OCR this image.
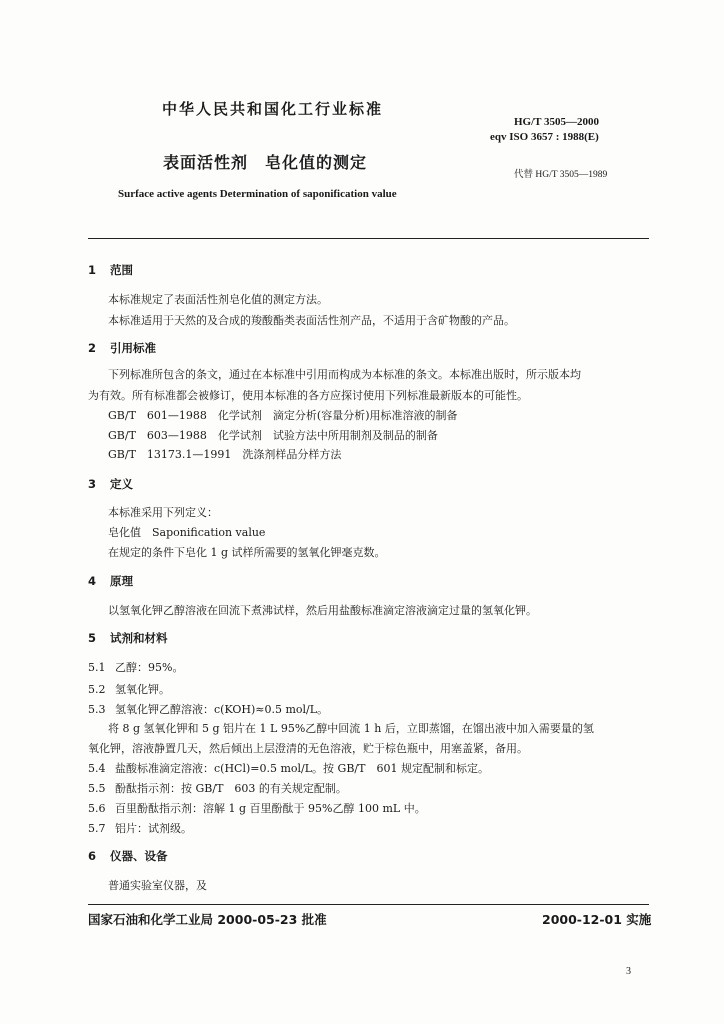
中华人民共和国化工行业标准
HG/T 3505—2000
eqv ISO 3657 : 1988(E)
表面活性剂　皂化值的测定
代替 HG/T 3505—1989
Surface active agents Determination of saponification value
1 范围
本标准规定了表面活性剂皂化值的测定方法。
本标准适用于天然的及合成的羧酸酯类表面活性剂产品，不适用于含矿物酸的产品。
2 引用标准
下列标准所包含的条文，通过在本标准中引用而构成为本标准的条文。本标准出版时，所示版本均
为有效。所有标准都会被修订，使用本标准的各方应探讨使用下列标准最新版本的可能性。
GB/T　601—1988　化学试剂　滴定分析(容量分析)用标准溶液的制备
GB/T　603—1988　化学试剂　试验方法中所用制剂及制品的制备
GB/T　13173.1—1991　洗涤剂样品分样方法
3 定义
本标准采用下列定义：
皂化值　Saponification value
在规定的条件下皂化 1 g 试样所需要的氢氧化钾毫克数。
4 原理
以氢氧化钾乙醇溶液在回流下煮沸试样，然后用盐酸标准滴定溶液滴定过量的氢氧化钾。
5 试剂和材料
5.1 乙醇：95%。
5.2 氢氧化钾。
5.3 氢氧化钾乙醇溶液：c(KOH)≈0.5 mol/L。
将 8 g 氢氧化钾和 5 g 铝片在 1 L 95%乙醇中回流 1 h 后，立即蒸馏，在馏出液中加入需要量的氢
氧化钾，溶液静置几天，然后倾出上层澄清的无色溶液，贮于棕色瓶中，用塞盖紧，备用。
5.4 盐酸标准滴定溶液：c(HCl)=0.5 mol/L。按 GB/T　601 规定配制和标定。
5.5 酚酞指示剂：按 GB/T　603 的有关规定配制。
5.6 百里酚酞指示剂：溶解 1 g 百里酚酞于 95%乙醇 100 mL 中。
5.7 铝片：试剂级。
6 仪器、设备
普通实验室仪器，及
国家石油和化学工业局 2000-05-23 批准	2000-12-01 实施
3
